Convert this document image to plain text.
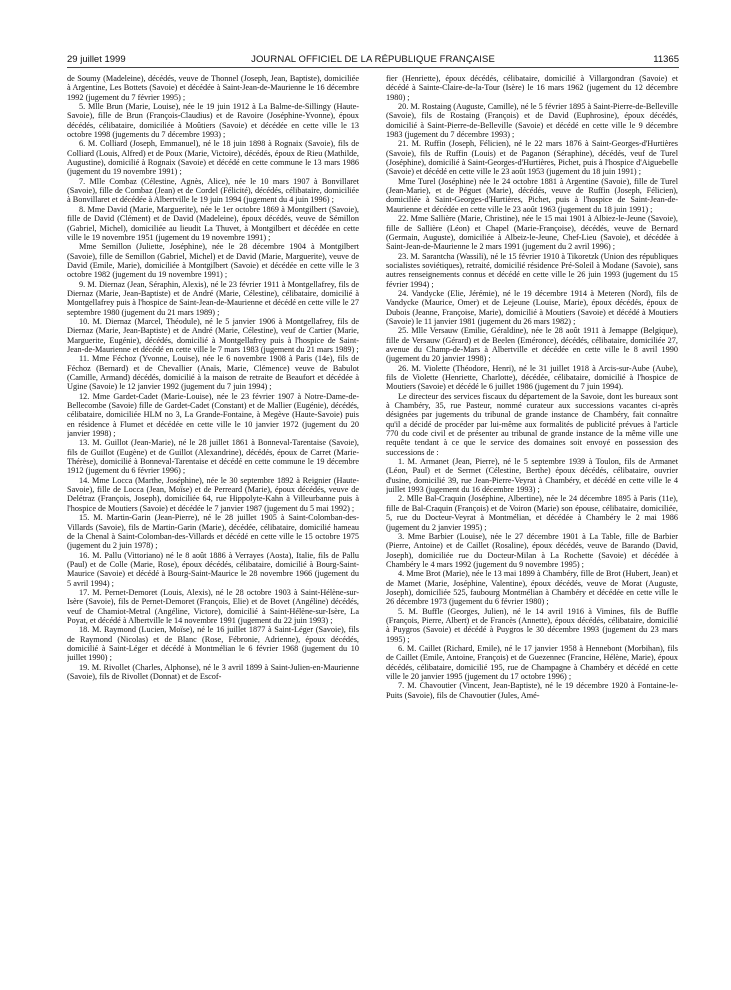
29 juillet 1999	JOURNAL OFFICIEL DE LA RÉPUBLIQUE FRANÇAISE	11365

de Soumy (Madeleine), décédés, veuve de Thonnel (Joseph, Jean, Baptiste), domiciliée à Argentine, Les Bottets (Savoie) et décédée à Saint-Jean-de-Maurienne le 16 décembre 1992 (jugement du 7 février 1995) ;

5. Mlle Brun (Marie, Louise), née le 19 juin 1912 à La Balme-de-Sillingy (Haute-Savoie), fille de Brun (François-Claudius) et de Ravoire (Joséphine-Yvonne), époux décédés, célibataire, domiciliée à Moûtiers (Savoie) et décédée en cette ville le 13 octobre 1998 (jugements du 7 décembre 1993) ;

6. M. Colliard (Joseph, Emmanuel), né le 18 juin 1898 à Rognaix (Savoie), fils de Colliard (Louis, Alfred) et de Poux (Marie, Victoire), décédés, époux de Rieu (Mathilde, Augustine), domicilié à Rognaix (Savoie) et décédé en cette commune le 13 mars 1986 (jugement du 19 novembre 1991) ;

7. Mlle Combaz (Célestine, Agnès, Alice), née le 10 mars 1907 à Bonvillaret (Savoie), fille de Combaz (Jean) et de Cordel (Félicité), décédés, célibataire, domiciliée à Bonvillaret et décédée à Albertville le 19 juin 1994 (jugement du 4 juin 1996) ;

8. Mme David (Marie, Marguerite), née le 1er octobre 1869 à Montgilbert (Savoie), fille de David (Clément) et de David (Madeleine), époux décédés, veuve de Sémillon (Gabriel, Michel), domiciliée au lieudit La Thuvet, à Montgilbert et décédée en cette ville le 19 novembre 1951 (jugement du 19 novembre 1991) ;

Mme Semillon (Juliette, Joséphine), née le 28 décembre 1904 à Montgilbert (Savoie), fille de Semillon (Gabriel, Michel) et de David (Marie, Marguerite), veuve de David (Emile, Marie), domiciliée à Montgilbert (Savoie) et décédée en cette ville le 3 octobre 1982 (jugement du 19 novembre 1991) ;

9. M. Diernaz (Jean, Séraphin, Alexis), né le 23 février 1911 à Montgellafrey, fils de Diernaz (Marie, Jean-Baptiste) et de André (Marie, Célestine), célibataire, domicilié à Montgellafrey puis à l'hospice de Saint-Jean-de-Maurienne et décédé en cette ville le 27 septembre 1980 (jugement du 21 mars 1989) ;

10. M. Diernaz (Marcel, Théodule), né le 5 janvier 1906 à Montgellafrey, fils de Diernaz (Marie, Jean-Baptiste) et de André (Marie, Célestine), veuf de Cartier (Marie, Marguerite, Eugénie), décédés, domicilié à Montgellafrey puis à l'hospice de Saint-Jean-de-Maurienne et décédé en cette ville le 7 mars 1983 (jugement du 21 mars 1989) ;

11. Mme Féchoz (Yvonne, Louise), née le 6 novembre 1908 à Paris (14e), fils de Féchoz (Bernard) et de Chevallier (Anaïs, Marie, Clémence) veuve de Babulot (Camille, Armand) décédés, domicilié à la maison de retraite de Beaufort et décédée à Ugine (Savoie) le 12 janvier 1992 (jugement du 7 juin 1994) ;

12. Mme Gardet-Cadet (Marie-Louise), née le 23 février 1907 à Notre-Dame-de-Bellecombe (Savoie) fille de Gardet-Cadet (Constant) et de Mallier (Eugénie), décédés, célibataire, domiciliée HLM no 3, La Grande-Fontaine, à Megève (Haute-Savoie) puis en résidence à Flumet et décédée en cette ville le 10 janvier 1972 (jugement du 20 janvier 1998) ;

13. M. Guillot (Jean-Marie), né le 28 juillet 1861 à Bonneval-Tarentaise (Savoie), fils de Guillot (Eugène) et de Guillot (Alexandrine), décédés, époux de Carret (Marie-Thérèse), domicilié à Bonneval-Tarentaise et décédé en cette commune le 19 décembre 1912 (jugement du 6 février 1996) ;

14. Mme Locca (Marthe, Joséphine), née le 30 septembre 1892 à Reignier (Haute-Savoie), fille de Locca (Jean, Moïse) et de Perreard (Marie), époux décédés, veuve de Delétraz (François, Joseph), domiciliée 64, rue Hippolyte-Kahn à Villeurbanne puis à l'hospice de Moutiers (Savoie) et décédée le 7 janvier 1987 (jugement du 5 mai 1992) ;

15. M. Martin-Garin (Jean-Pierre), né le 28 juillet 1905 à Saint-Colomban-des-Villards (Savoie), fils de Martin-Garin (Marie), décédée, célibataire, domicilié hameau de la Chenal à Saint-Colomban-des-Villards et décédé en cette ville le 15 octobre 1975 (jugement du 2 juin 1978) ;

16. M. Pallu (Vittoriano) né le 8 août 1886 à Verrayes (Aosta), Italie, fils de Pallu (Paul) et de Colle (Marie, Rose), époux décédés, célibataire, domicilié à Bourg-Saint-Maurice (Savoie) et décédé à Bourg-Saint-Maurice le 28 novembre 1966 (jugement du 5 avril 1994) ;

17. M. Pernet-Demoret (Louis, Alexis), né le 28 octobre 1903 à Saint-Hélène-sur-Isère (Savoie), fils de Pernet-Demoret (François, Elie) et de Bovet (Angéline) décédés, veuf de Chamiot-Metral (Angéline, Victore), domicilié à Saint-Hélène-sur-Isère, La Poyat, et décédé à Albertville le 14 novembre 1991 (jugement du 22 juin 1993) ;

18. M. Raymond (Lucien, Moïse), né le 16 juillet 1877 à Saint-Léger (Savoie), fils de Raymond (Nicolas) et de Blanc (Rose, Fébronie, Adrienne), époux décédés, domicilié à Saint-Léger et décédé à Montmélian le 6 février 1968 (jugement du 10 juillet 1990) ;

19. M. Rivollet (Charles, Alphonse), né le 3 avril 1899 à Saint-Julien-en-Maurienne (Savoie), fils de Rivollet (Donnat) et de Escof-

fier (Henriette), époux décédés, célibataire, domicilié à Villargondran (Savoie) et décédé à Sainte-Claire-de-la-Tour (Isère) le 16 mars 1962 (jugement du 12 décembre 1980) ;

20. M. Rostaing (Auguste, Camille), né le 5 février 1895 à Saint-Pierre-de-Belleville (Savoie), fils de Rostaing (François) et de David (Euphrosine), époux décédés, domicilié à Saint-Pierre-de-Belleville (Savoie) et décédé en cette ville le 9 décembre 1983 (jugement du 7 décembre 1993) ;

21. M. Ruffin (Joseph, Félicien), né le 22 mars 1876 à Saint-Georges-d'Hurtières (Savoie), fils de Ruffin (Louis) et de Paganon (Séraphine), décédés, veuf de Turel (Joséphine), domicilié à Saint-Georges-d'Hurtières, Pichet, puis à l'hospice d'Aiguebelle (Savoie) et décédé en cette ville le 23 août 1953 (jugement du 18 juin 1991) ;

Mme Turel (Joséphine) née le 24 octobre 1881 à Argentine (Savoie), fille de Turel (Jean-Marie), et de Péguet (Marie), décédés, veuve de Ruffin (Joseph, Félicien), domiciliée à Saint-Georges-d'Hurtières, Pichet, puis à l'hospice de Saint-Jean-de-Maurienne et décédée en cette ville le 23 août 1963 (jugement du 18 juin 1991) ;

22. Mme Sallière (Marie, Christine), née le 15 mai 1901 à Albiez-le-Jeune (Savoie), fille de Sallière (Léon) et Chapel (Marie-Françoise), décédés, veuve de Bernard (Germain, Auguste), domiciliée à Albeiz-le-Jeune, Chef-Lieu (Savoie), et décédée à Saint-Jean-de-Maurienne le 2 mars 1991 (jugement du 2 avril 1996) ;

23. M. Sarantcha (Wassili), né le 15 février 1910 à Tikoretzk (Union des républiques socialistes soviétiques), retraité, domicilié résidence Pré-Soleil à Modane (Savoie), sans autres renseignements connus et décédé en cette ville le 26 juin 1993 (jugement du 15 février 1994) ;

24. Vandycke (Elie, Jérémie), né le 19 décembre 1914 à Meteren (Nord), fils de Vandycke (Maurice, Omer) et de Lejeune (Louise, Marie), époux décédés, époux de Dubois (Jeanne, Françoise, Marie), domicilié à Moutiers (Savoie) et décédé à Moutiers (Savoie) le 11 janvier 1981 (jugement du 26 mars 1982) ;

25. Mlle Versauw (Emilie, Géraldine), née le 28 août 1911 à Jemappe (Belgique), fille de Versauw (Gérard) et de Beelen (Eméronce), décédés, célibataire, domiciliée 27, avenue du Champ-de-Mars à Albertville et décédée en cette ville le 8 avril 1990 (jugement du 20 janvier 1998) ;

26. M. Violette (Théodore, Henri), né le 31 juillet 1918 à Arcis-sur-Aube (Aube), fils de Violette (Henriette, Charlotte), décédée, célibataire, domicilié à l'hospice de Moutiers (Savoie) et décédé le 6 juillet 1986 (jugement du 7 juin 1994).

Le directeur des services fiscaux du département de la Savoie, dont les bureaux sont à Chambéry, 35, rue Pasteur, nommé curateur aux successions vacantes ci-après désignées par jugements du tribunal de grande instance de Chambéry, fait connaître qu'il a décidé de procéder par lui-même aux formalités de publicité prévues à l'article 770 du code civil et de présenter au tribunal de grande instance de la même ville une requête tendant à ce que le service des domaines soit envoyé en possession des successions de :

1. M. Armanet (Jean, Pierre), né le 5 septembre 1939 à Toulon, fils de Armanet (Léon, Paul) et de Sermet (Célestine, Berthe) époux décédés, célibataire, ouvrier d'usine, domicilié 39, rue Jean-Pierre-Veyrat à Chambéry, et décédé en cette ville le 4 juillet 1993 (jugement du 16 décembre 1993) ;

2. Mlle Bal-Craquin (Joséphine, Albertine), née le 24 décembre 1895 à Paris (11e), fille de Bal-Craquin (François) et de Voiron (Marie) son épouse, célibataire, domiciliée, 5, rue du Docteur-Veyrat à Montmélian, et décédée à Chambéry le 2 mai 1986 (jugement du 2 janvier 1995) ;

3. Mme Barbier (Louise), née le 27 décembre 1901 à La Table, fille de Barbier (Pierre, Antoine) et de Caillet (Rosaline), époux décédés, veuve de Barando (David, Joseph), domiciliée rue du Docteur-Milan à La Rochette (Savoie) et décédée à Chambéry le 4 mars 1992 (jugement du 9 novembre 1995) ;

4. Mme Brot (Marie), née le 13 mai 1899 à Chambéry, fille de Brot (Hubert, Jean) et de Mamet (Marie, Joséphine, Valentine), époux décédés, veuve de Morat (Auguste, Joseph), domiciliée 525, faubourg Montmélian à Chambéry et décédée en cette ville le 26 décembre 1973 (jugement du 6 février 1980) ;

5. M. Buffle (Georges, Julien), né le 14 avril 1916 à Vimines, fils de Buffle (François, Pierre, Albert) et de Francès (Annette), époux décédés, célibataire, domicilié à Puygros (Savoie) et décédé à Puygros le 30 décembre 1993 (jugement du 23 mars 1995) ;

6. M. Caillet (Richard, Emile), né le 17 janvier 1958 à Hennebont (Morbihan), fils de Caillet (Emile, Antoine, François) et de Guezennec (Francine, Hélène, Marie), époux décédés, célibataire, domicilié 195, rue de Champagne à Chambéry et décédé en cette ville le 20 janvier 1995 (jugement du 17 octobre 1996) ;

7. M. Chavoutier (Vincent, Jean-Baptiste), né le 19 décembre 1920 à Fontaine-le-Puits (Savoie), fils de Chavoutier (Jules, Amé-
